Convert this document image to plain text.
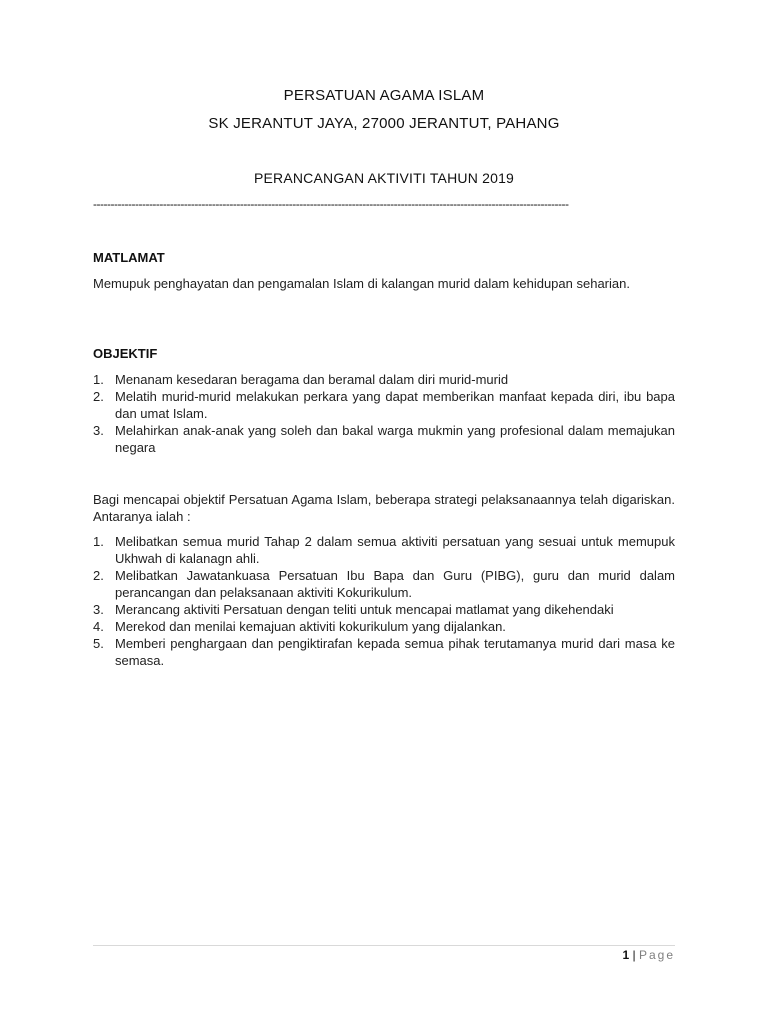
PERSATUAN AGAMA ISLAM
SK JERANTUT JAYA, 27000 JERANTUT, PAHANG
PERANCANGAN AKTIVITI TAHUN 2019
----------------------------------------------------------------------------------------------------------------------------------------
MATLAMAT

Memupuk penghayatan dan pengamalan Islam di kalangan murid dalam kehidupan seharian.

OBJEKTIF
1. Menanam kesedaran beragama dan beramal dalam diri murid-murid
2. Melatih murid-murid melakukan perkara yang dapat memberikan manfaat kepada diri, ibu bapa dan umat Islam.
3. Melahirkan anak-anak yang soleh dan bakal warga mukmin yang profesional dalam memajukan negara

Bagi mencapai objektif Persatuan Agama Islam, beberapa strategi pelaksanaannya telah digariskan. Antaranya ialah :

1. Melibatkan semua murid Tahap 2 dalam semua aktiviti persatuan yang sesuai untuk memupuk Ukhwah di kalanagn ahli.
2. Melibatkan Jawatankuasa Persatuan Ibu Bapa dan Guru (PIBG), guru dan murid dalam perancangan dan pelaksanaan aktiviti Kokurikulum.
3. Merancang aktiviti Persatuan dengan teliti untuk mencapai matlamat yang dikehendaki
4. Merekod dan menilai kemajuan aktiviti kokurikulum yang dijalankan.
5. Memberi penghargaan dan pengiktirafan kepada semua pihak terutamanya murid dari masa ke semasa.
1 | Page
